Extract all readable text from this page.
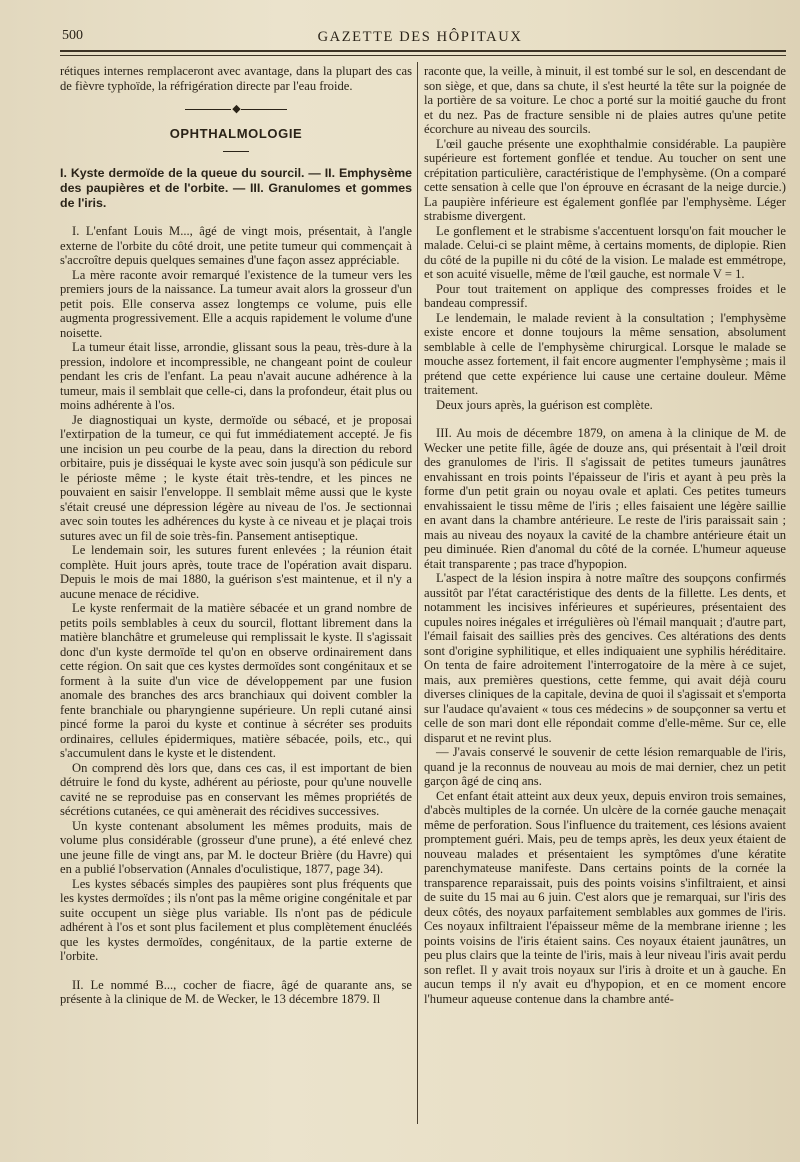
500	GAZETTE DES HÔPITAUX

rétiques internes remplaceront avec avantage, dans la plupart des cas de fièvre typhoïde, la réfrigération directe par l'eau froide.

◆
OPHTHALMOLOGIE

I. Kyste dermoïde de la queue du sourcil. — II. Emphysème des paupières et de l'orbite. — III. Granulomes et gommes de l'iris.

I. L'enfant Louis M..., âgé de vingt mois, présentait, à l'angle externe de l'orbite du côté droit, une petite tumeur qui commençait à s'accroître depuis quelques semaines d'une façon assez appréciable.

La mère raconte avoir remarqué l'existence de la tumeur vers les premiers jours de la naissance. La tumeur avait alors la grosseur d'un petit pois. Elle conserva assez longtemps ce volume, puis elle augmenta progressivement. Elle a acquis rapidement le volume d'une noisette.

La tumeur était lisse, arrondie, glissant sous la peau, très-dure à la pression, indolore et incompressible, ne changeant point de couleur pendant les cris de l'enfant. La peau n'avait aucune adhérence à la tumeur, mais il semblait que celle-ci, dans la profondeur, était plus ou moins adhérente à l'os.

Je diagnostiquai un kyste, dermoïde ou sébacé, et je proposai l'extirpation de la tumeur, ce qui fut immédiatement accepté. Je fis une incision un peu courbe de la peau, dans la direction du rebord orbitaire, puis je disséquai le kyste avec soin jusqu'à son pédicule sur le périoste même ; le kyste était très-tendre, et les pinces ne pouvaient en saisir l'enveloppe. Il semblait même aussi que le kyste s'était creusé une dépression légère au niveau de l'os. Je sectionnai avec soin toutes les adhérences du kyste à ce niveau et je plaçai trois sutures avec un fil de soie très-fin. Pansement antiseptique.

Le lendemain soir, les sutures furent enlevées ; la réunion était complète. Huit jours après, toute trace de l'opération avait disparu. Depuis le mois de mai 1880, la guérison s'est maintenue, et il n'y a aucune menace de récidive.

Le kyste renfermait de la matière sébacée et un grand nombre de petits poils semblables à ceux du sourcil, flottant librement dans la matière blanchâtre et grumeleuse qui remplissait le kyste. Il s'agissait donc d'un kyste dermoïde tel qu'on en observe ordinairement dans cette région. On sait que ces kystes dermoïdes sont congénitaux et se forment à la suite d'un vice de développement par une fusion anomale des branches des arcs branchiaux qui doivent combler la fente branchiale ou pharyngienne supérieure. Un repli cutané ainsi pincé forme la paroi du kyste et continue à sécréter ses produits ordinaires, cellules épidermiques, matière sébacée, poils, etc., qui s'accumulent dans le kyste et le distendent.

On comprend dès lors que, dans ces cas, il est important de bien détruire le fond du kyste, adhérent au périoste, pour qu'une nouvelle cavité ne se reproduise pas en conservant les mêmes propriétés de sécrétions cutanées, ce qui amènerait des récidives successives.

Un kyste contenant absolument les mêmes produits, mais de volume plus considérable (grosseur d'une prune), a été enlevé chez une jeune fille de vingt ans, par M. le docteur Brière (du Havre) qui en a publié l'observation (Annales d'oculistique, 1877, page 34).

Les kystes sébacés simples des paupières sont plus fréquents que les kystes dermoïdes ; ils n'ont pas la même origine congénitale et par suite occupent un siège plus variable. Ils n'ont pas de pédicule adhérent à l'os et sont plus facilement et plus complètement énucléés que les kystes dermoïdes, congénitaux, de la partie externe de l'orbite.

II. Le nommé B..., cocher de fiacre, âgé de quarante ans, se présente à la clinique de M. de Wecker, le 13 décembre 1879. Il

raconte que, la veille, à minuit, il est tombé sur le sol, en descendant de son siège, et que, dans sa chute, il s'est heurté la tête sur la poignée de la portière de sa voiture. Le choc a porté sur la moitié gauche du front et du nez. Pas de fracture sensible ni de plaies autres qu'une petite écorchure au niveau des sourcils.

L'œil gauche présente une exophthalmie considérable. La paupière supérieure est fortement gonflée et tendue. Au toucher on sent une crépitation particulière, caractéristique de l'emphysème. (On a comparé cette sensation à celle que l'on éprouve en écrasant de la neige durcie.) La paupière inférieure est également gonflée par l'emphysème. Léger strabisme divergent.

Le gonflement et le strabisme s'accentuent lorsqu'on fait moucher le malade. Celui-ci se plaint même, à certains moments, de diplopie. Rien du côté de la pupille ni du côté de la vision. Le malade est emmétrope, et son acuité visuelle, même de l'œil gauche, est normale V = 1.

Pour tout traitement on applique des compresses froides et le bandeau compressif.

Le lendemain, le malade revient à la consultation ; l'emphysème existe encore et donne toujours la même sensation, absolument semblable à celle de l'emphysème chirurgical. Lorsque le malade se mouche assez fortement, il fait encore augmenter l'emphysème ; mais il prétend que cette expérience lui cause une certaine douleur. Même traitement.

Deux jours après, la guérison est complète.

III. Au mois de décembre 1879, on amena à la clinique de M. de Wecker une petite fille, âgée de douze ans, qui présentait à l'œil droit des granulomes de l'iris. Il s'agissait de petites tumeurs jaunâtres envahissant en trois points l'épaisseur de l'iris et ayant à peu près la forme d'un petit grain ou noyau ovale et aplati. Ces petites tumeurs envahissaient le tissu même de l'iris ; elles faisaient une légère saillie en avant dans la chambre antérieure. Le reste de l'iris paraissait sain ; mais au niveau des noyaux la cavité de la chambre antérieure était un peu diminuée. Rien d'anomal du côté de la cornée. L'humeur aqueuse était transparente ; pas trace d'hypopion.

L'aspect de la lésion inspira à notre maître des soupçons confirmés aussitôt par l'état caractéristique des dents de la fillette. Les dents, et notamment les incisives inférieures et supérieures, présentaient des cupules noires inégales et irrégulières où l'émail manquait ; d'autre part, l'émail faisait des saillies près des gencives. Ces altérations des dents sont d'origine syphilitique, et elles indiquaient une syphilis héréditaire. On tenta de faire adroitement l'interrogatoire de la mère à ce sujet, mais, aux premières questions, cette femme, qui avait déjà couru diverses cliniques de la capitale, devina de quoi il s'agissait et s'emporta sur l'audace qu'avaient « tous ces médecins » de soupçonner sa vertu et celle de son mari dont elle répondait comme d'elle-même. Sur ce, elle disparut et ne revint plus.

— J'avais conservé le souvenir de cette lésion remarquable de l'iris, quand je la reconnus de nouveau au mois de mai dernier, chez un petit garçon âgé de cinq ans.

Cet enfant était atteint aux deux yeux, depuis environ trois semaines, d'abcès multiples de la cornée. Un ulcère de la cornée gauche menaçait même de perforation. Sous l'influence du traitement, ces lésions avaient promptement guéri. Mais, peu de temps après, les deux yeux étaient de nouveau malades et présentaient les symptômes d'une kératite parenchymateuse manifeste. Dans certains points de la cornée la transparence reparaissait, puis des points voisins s'infiltraient, et ainsi de suite du 15 mai au 6 juin. C'est alors que je remarquai, sur l'iris des deux côtés, des noyaux parfaitement semblables aux gommes de l'iris. Ces noyaux infiltraient l'épaisseur même de la membrane irienne ; les points voisins de l'iris étaient sains. Ces noyaux étaient jaunâtres, un peu plus clairs que la teinte de l'iris, mais à leur niveau l'iris avait perdu son reflet. Il y avait trois noyaux sur l'iris à droite et un à gauche. En aucun temps il n'y avait eu d'hypopion, et en ce moment encore l'humeur aqueuse contenue dans la chambre anté-
